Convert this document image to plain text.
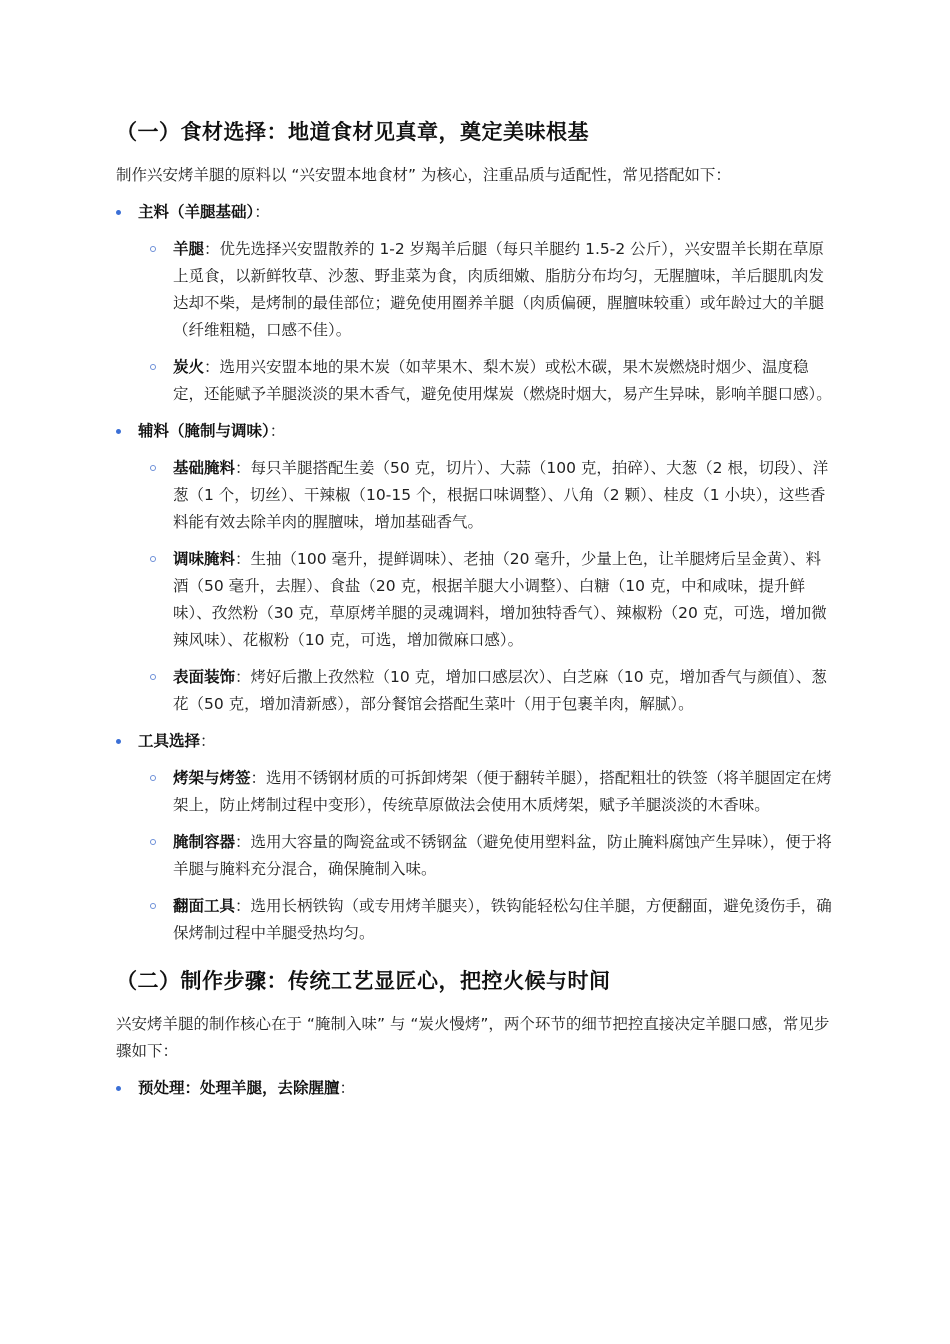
（一）食材选择：地道食材见真章，奠定美味根基

制作兴安烤羊腿的原料以 “兴安盟本地食材” 为核心，注重品质与适配性，常见搭配如下：

主料（羊腿基础）：
羊腿：优先选择兴安盟散养的 1-2 岁羯羊后腿（每只羊腿约 1.5-2 公斤），兴安盟羊长期在草原上觅食，以新鲜牧草、沙葱、野韭菜为食，肉质细嫩、脂肪分布均匀，无腥膻味，羊后腿肌肉发达却不柴，是烤制的最佳部位；避免使用圈养羊腿（肉质偏硬，腥膻味较重）或年龄过大的羊腿（纤维粗糙，口感不佳）。
炭火：选用兴安盟本地的果木炭（如苹果木、梨木炭）或松木碳，果木炭燃烧时烟少、温度稳定，还能赋予羊腿淡淡的果木香气，避免使用煤炭（燃烧时烟大，易产生异味，影响羊腿口感）。
辅料（腌制与调味）：
基础腌料：每只羊腿搭配生姜（50 克，切片）、大蒜（100 克，拍碎）、大葱（2 根，切段）、洋葱（1 个，切丝）、干辣椒（10-15 个，根据口味调整）、八角（2 颗）、桂皮（1 小块），这些香料能有效去除羊肉的腥膻味，增加基础香气。
调味腌料：生抽（100 毫升，提鲜调味）、老抽（20 毫升，少量上色，让羊腿烤后呈金黄）、料酒（50 毫升，去腥）、食盐（20 克，根据羊腿大小调整）、白糖（10 克，中和咸味，提升鲜味）、孜然粉（30 克，草原烤羊腿的灵魂调料，增加独特香气）、辣椒粉（20 克，可选，增加微辣风味）、花椒粉（10 克，可选，增加微麻口感）。
表面装饰：烤好后撒上孜然粒（10 克，增加口感层次）、白芝麻（10 克，增加香气与颜值）、葱花（50 克，增加清新感），部分餐馆会搭配生菜叶（用于包裹羊肉，解腻）。
工具选择：
烤架与烤签：选用不锈钢材质的可拆卸烤架（便于翻转羊腿），搭配粗壮的铁签（将羊腿固定在烤架上，防止烤制过程中变形），传统草原做法会使用木质烤架，赋予羊腿淡淡的木香味。
腌制容器：选用大容量的陶瓷盆或不锈钢盆（避免使用塑料盆，防止腌料腐蚀产生异味），便于将羊腿与腌料充分混合，确保腌制入味。
翻面工具：选用长柄铁钩（或专用烤羊腿夹），铁钩能轻松勾住羊腿，方便翻面，避免烫伤手，确保烤制过程中羊腿受热均匀。
（二）制作步骤：传统工艺显匠心，把控火候与时间

兴安烤羊腿的制作核心在于 “腌制入味” 与 “炭火慢烤”，两个环节的细节把控直接决定羊腿口感，常见步骤如下：

预处理：处理羊腿，去除腥膻：
